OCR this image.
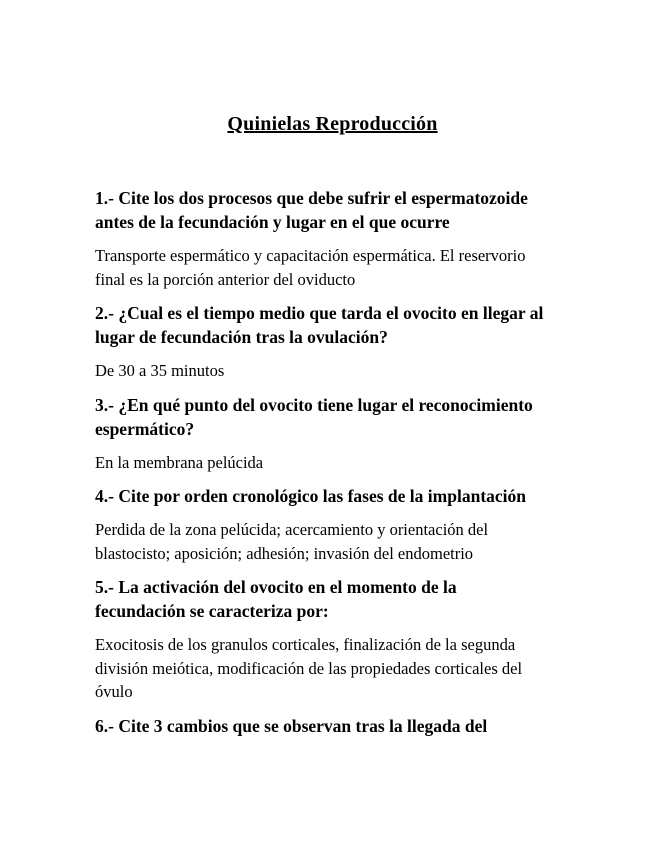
Quinielas Reproducción

1.- Cite los dos procesos que debe sufrir el espermatozoide antes de la fecundación y lugar en el que ocurre

Transporte espermático y capacitación espermática. El reservorio final es la porción anterior del oviducto

2.- ¿Cual es el tiempo medio que tarda el ovocito en llegar al lugar de fecundación tras la ovulación?

De 30 a 35 minutos

3.- ¿En qué punto del ovocito tiene lugar el reconocimiento espermático?

En la membrana pelúcida

4.- Cite por orden cronológico las fases de la implantación

Perdida de la zona pelúcida; acercamiento y orientación del blastocisto; aposición; adhesión; invasión del endometrio

5.- La activación del ovocito en el momento de la fecundación se caracteriza por:

Exocitosis de los granulos corticales, finalización de la segunda división meiótica, modificación de las propiedades corticales del óvulo

6.- Cite 3 cambios que se observan tras la llegada del
